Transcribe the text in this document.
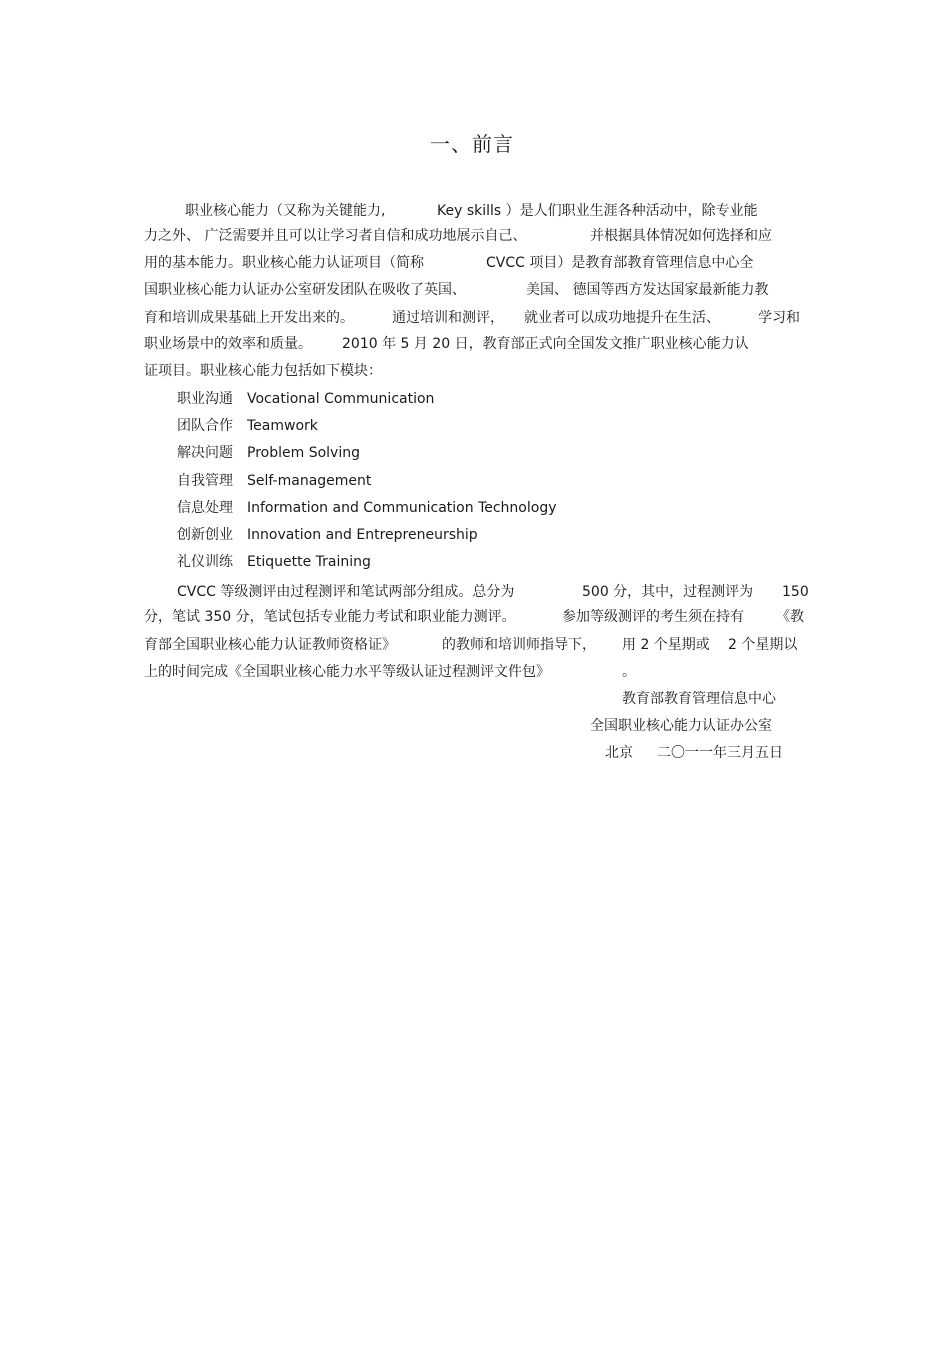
一、前言
职业核心能力（又称为关键能力,	Key skills ）是人们职业生涯各种活动中，除专业能
力之外、 广泛需要并且可以让学习者自信和成功地展示自己、	并根据具体情况如何选择和应
用的基本能力。职业核心能力认证项目（简称	CVCC 项目）是教育部教育管理信息中心全
国职业核心能力认证办公室研发团队在吸收了英国、	美国、 德国等西方发达国家最新能力教
育和培训成果基础上开发出来的。	通过培训和测评， 就业者可以成功地提升在生活、	学习和
职业场景中的效率和质量。 2010 年 5 月 20 日，教育部正式向全国发文推广职业核心能力认
证项目。职业核心能力包括如下模块：
职业沟通 Vocational Communication
团队合作 Teamwork
解决问题 Problem Solving
自我管理 Self-management
信息处理 Information and Communication Technology
创新创业 Innovation and Entrepreneurship
礼仪训练 Etiquette Training
CVCC 等级测评由过程测评和笔试两部分组成。总分为	500 分，其中，过程测评为 150
分，笔试 350 分，笔试包括专业能力考试和职业能力测评。	参加等级测评的考生须在持有 《教
育部全国职业核心能力认证教师资格证》	的教师和培训师指导下， 用 2 个星期或 2 个星期以
上的时间完成《全国职业核心能力水平等级认证过程测评文件包》	。
教育部教育管理信息中心
全国职业核心能力认证办公室
北京 二〇一一年三月五日
